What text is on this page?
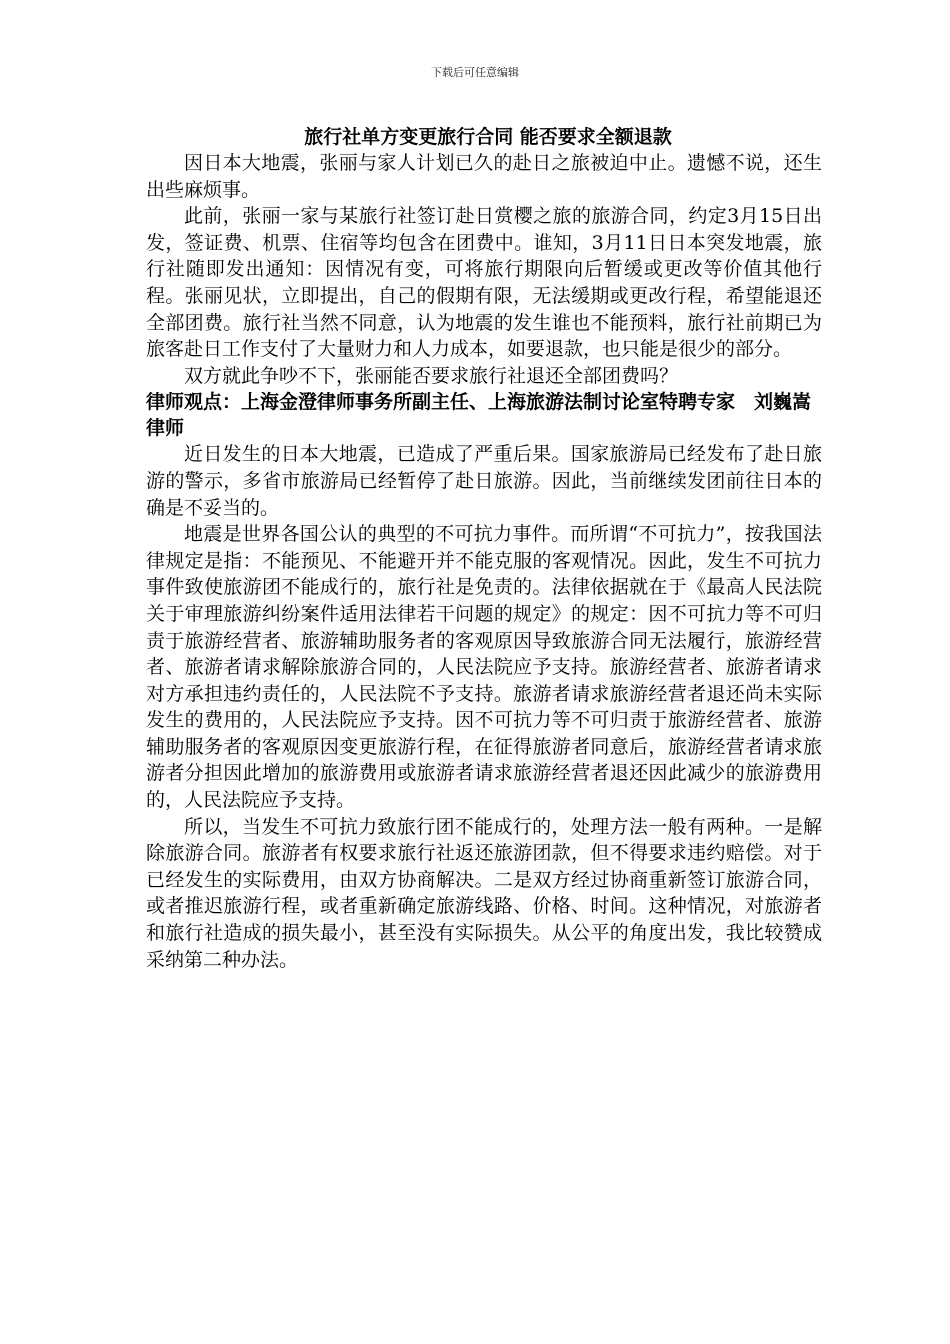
下载后可任意编辑
旅行社单方变更旅行合同 能否要求全额退款

因日本大地震，张丽与家人计划已久的赴日之旅被迫中止。遗憾不说，还生出些麻烦事。

此前，张丽一家与某旅行社签订赴日赏樱之旅的旅游合同，约定3月15日出发，签证费、机票、住宿等均包含在团费中。谁知，3月11日日本突发地震，旅行社随即发出通知：因情况有变，可将旅行期限向后暂缓或更改等价值其他行程。张丽见状，立即提出，自己的假期有限，无法缓期或更改行程，希望能退还全部团费。旅行社当然不同意，认为地震的发生谁也不能预料，旅行社前期已为旅客赴日工作支付了大量财力和人力成本，如要退款，也只能是很少的部分。

双方就此争吵不下，张丽能否要求旅行社退还全部团费吗？

律师观点：上海金澄律师事务所副主任、上海旅游法制讨论室特聘专家　刘巍嵩律师

近日发生的日本大地震，已造成了严重后果。国家旅游局已经发布了赴日旅游的警示，多省市旅游局已经暂停了赴日旅游。因此，当前继续发团前往日本的确是不妥当的。

地震是世界各国公认的典型的不可抗力事件。而所谓“不可抗力”，按我国法律规定是指：不能预见、不能避开并不能克服的客观情况。因此，发生不可抗力事件致使旅游团不能成行的，旅行社是免责的。法律依据就在于《最高人民法院关于审理旅游纠纷案件适用法律若干问题的规定》的规定：因不可抗力等不可归责于旅游经营者、旅游辅助服务者的客观原因导致旅游合同无法履行，旅游经营者、旅游者请求解除旅游合同的，人民法院应予支持。旅游经营者、旅游者请求对方承担违约责任的，人民法院不予支持。旅游者请求旅游经营者退还尚未实际发生的费用的，人民法院应予支持。因不可抗力等不可归责于旅游经营者、旅游辅助服务者的客观原因变更旅游行程，在征得旅游者同意后，旅游经营者请求旅游者分担因此增加的旅游费用或旅游者请求旅游经营者退还因此减少的旅游费用的，人民法院应予支持。

所以，当发生不可抗力致旅行团不能成行的，处理方法一般有两种。一是解除旅游合同。旅游者有权要求旅行社返还旅游团款，但不得要求违约赔偿。对于已经发生的实际费用，由双方协商解决。二是双方经过协商重新签订旅游合同，或者推迟旅游行程，或者重新确定旅游线路、价格、时间。这种情况，对旅游者和旅行社造成的损失最小，甚至没有实际损失。从公平的角度出发，我比较赞成采纳第二种办法。
